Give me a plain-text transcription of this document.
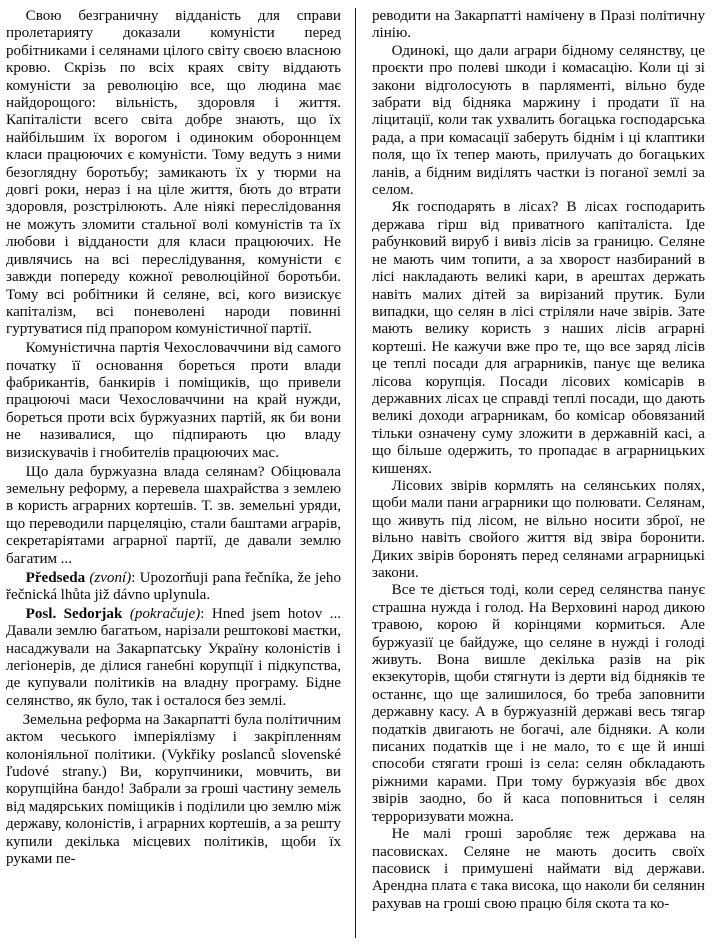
Свою безграничну відданість для справи пролетарияту доказали комуністи перед робітниками і селянами цілого світу своєю власною кровю. Скрізь по всіх краях світу віддають комуністи за революцію все, що людина має найдорощого: вільність, здоровля і життя. Капіталісти всего світа добре знають, що їх найбільшим їх ворогом і одиноким обороннцем класи працюючих є комуністи. Тому ведуть з ними безоглядну боротьбу; замикають їх у тюрми на довгі роки, нераз і на ціле життя, бють до втрати здоровля, розстрілюють. Але ніякі переслідовання не можуть зломити стальної волі комуністів та їх любови і відданости для класи працюючих. Не дивлячись на всі переслідування, комуністи є завжди попереду кожної революційної боротьби. Тому всі робітники й селяне, всі, кого визискує капіталізм, всі поневолені народи повинні гуртуватися під прапором комуністичної партії.

Комуністична партія Чехословаччини від самого початку її основання бореться проти влади фабрикантів, банкирів і поміщиків, що привели працюючі маси Чехословаччини на край нужди, бореться проти всіх буржуазних партій, як би вони не називалися, що підпирають цю владу визискувачів і гнобителів працюючих мас.

Що дала буржуазна влада селянам? Обіцювала земельну реформу, а перевела шахрайства з землею в користь аграрних кортешів. Т. зв. земельні уряди, що переводили парцеляцію, стали баштами аграрів, секретаріятами аграрної партії, де давали землю багатим ...

Předseda (zvoní): Upozorňuji pana řečníka, že jeho řečnická lhůta již dávno uplynula.

Posl. Sedorjak (pokračuje): Hned jsem hotov ... Давали землю багатьом, нарізали рештокові маєтки, насаджували на Закарпатську Україну колоністів і легіонерів, де ділися ганебні корупції і підкупства, де купували політиків на владну програму. Бідне селянство, як було, так і осталося без землі.

Земельна реформа на Закарпатті була політичним актом чеського імперіялізму і закріпленням колоніяльної політики. (Vykřiky poslanců slovenské ľudové strany.) Ви, корупчиники, мовчить, ви корупційна бандо! Забрали за гроші частину земель від мадярських поміщиків і поділили цю землю між державу, колоністів, і аграрних кортешів, а за решту купили декілька місцевих політиків, щоби їх руками пе-

реводити на Закарпатті намічену в Празі політичну лінію.

Одинокі, що дали аграри бідному селянству, це проєкти про полеві шкоди і комасацію. Коли ці зі закони відголосують в парляменті, вільно буде забрати від бідняка маржину і продати її на ліцитації, коли так ухвалить богацька господарська рада, а при комасації заберуть біднім і ці клаптики поля, що їх тепер мають, прилучать до богацьких ланів, а бідним виділять частки із поганої землі за селом.

Як господарять в лісах? В лісах господарить держава гірш від приватного капіталіста. Іде рабунковий вируб і вивіз лісів за границю. Селяне не мають чим топити, а за хворост назбираний в лісі накладають великі кари, в арештах держать навіть малих дітей за вирізаний прутик. Були випадки, що селян в лісі стріляли наче звірів. Зате мають велику користь з наших лісів аграрні кортеші. Не кажучи вже про те, що все заряд лісів це теплі посади для аграрників, панує ще велика лісова корупція. Посади лісових комісарів в державних лісах це справді теплі посади, що дають великі доходи аграрникам, бо комісар обовязаний тільки означену суму зложити в державній касі, а що більше одержить, то пропадає в аграрницьких кишенях.

Лісових звірів кормлять на селянських полях, щоби мали пани аграрники що полювати. Селянам, що живуть під лісом, не вільно носити зброї, не вільно навіть свойого життя від звіра боронити. Диких звірів боронять перед селянами аграрницькі закони.

Все те діється тоді, коли серед селянства панує страшна нужда і голод. На Верховині народ дикою травою, корою й корінцями кормиться. Але буржуазії це байдуже, що селяне в нужді і голоді живуть. Вона вишле декілька разів на рік екзекуторів, щоби стягнути із дерти від бідняків те останнє, що ще залишилося, бо треба заповнити державну касу. А в буржуазній державі весь тягар податків двигають не богачі, але бідняки. А коли писаних податків ще і не мало, то є ще й инші способи стягати гроші із села: селян обкладають ріжними карами. При тому буржуазія вбє двох звірів заодно, бо й каса поповниться і селян терроризувати можна.

Не малі гроші заробляє теж держава на пасовисках. Селяне не мають досить своїх пасовиск і примушені наймати від держави. Арендна плата є така висока, що наколи би селянин рахував на гроші свою працю біля скота та ко-
